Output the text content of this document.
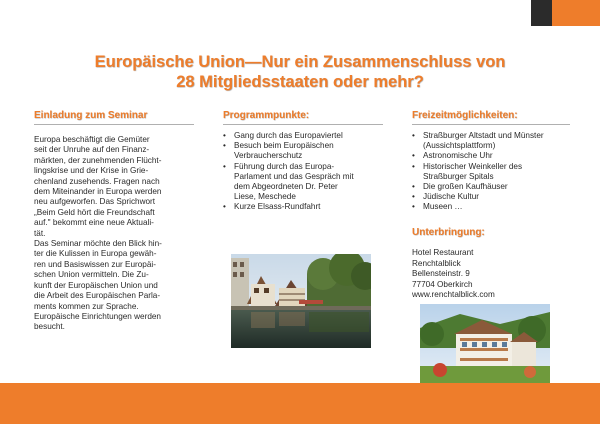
Europäische Union—Nur ein Zusammenschluss von
28 Mitgliedsstaaten oder mehr?
Einladung zum Seminar
Europa beschäftigt die Gemüter
seit der Unruhe auf den Finanz-
märkten, der zunehmenden Flücht-
lingskrise und der Krise in Grie-
chenland zusehends. Fragen nach
dem Miteinander in Europa werden
neu aufgeworfen. Das Sprichwort
„Beim Geld hört die Freundschaft
auf." bekommt eine neue Aktuali-
tät.
Das Seminar möchte den Blick hin-
ter die Kulissen in Europa gewäh-
ren und Basiswissen zur Europäi-
schen Union vermitteln. Die Zu-
kunft der Europäischen Union und
die Arbeit des Europäischen Parla-
ments kommen zur Sprache.
Europäische Einrichtungen werden
besucht.
Programmpunkte:
• Gang durch das Europaviertel
• Besuch beim Europäischen
Verbraucherschutz
• Führung durch das Europa-
Parlament und das Gespräch mit
dem Abgeordneten Dr. Peter
Liese, Meschede
• Kurze Elsass-Rundfahrt
Freizeitmöglichkeiten:
• Straßburger Altstadt und Münster
(Aussichtsplattform)
• Astronomische Uhr
• Historischer Weinkeller des
Straßburger Spitals
• Die großen Kaufhäuser
• Jüdische Kultur
• Museen …
Unterbringung:
Hotel Restaurant
Renchtalblick
Bellensteinstr. 9
77704 Oberkirch
www.renchtalblick.com
